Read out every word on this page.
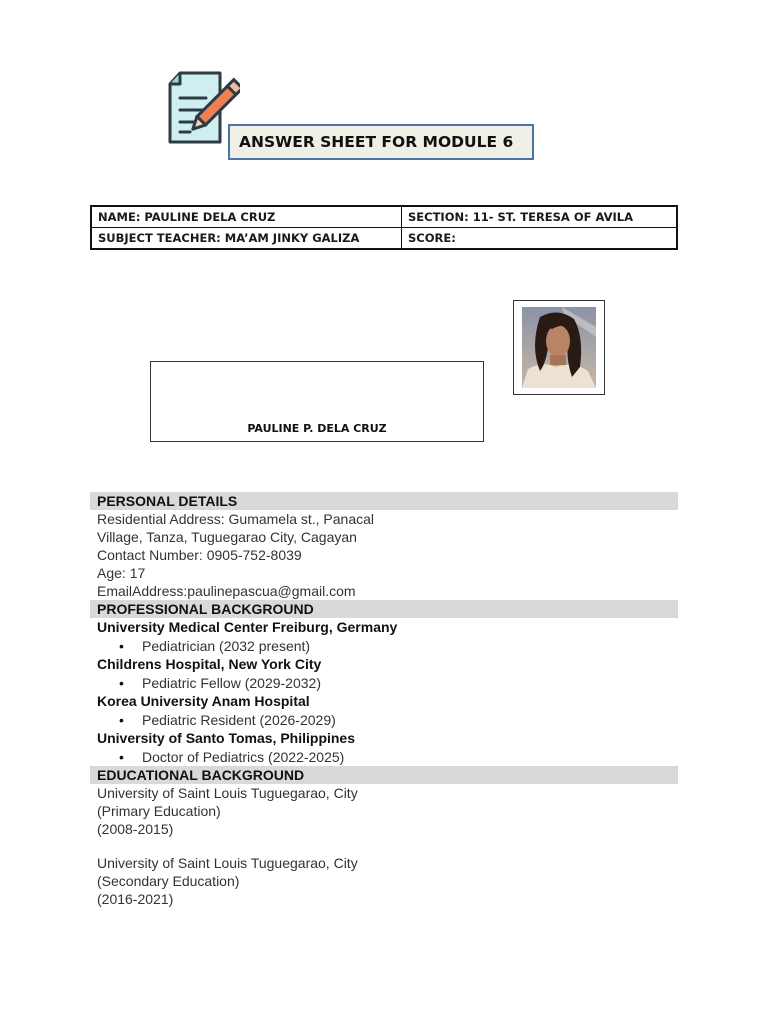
ANSWER SHEET FOR MODULE 6
NAME: PAULINE DELA CRUZ	SECTION: 11- ST. TERESA OF AVILA
SUBJECT TEACHER: MA’AM JINKY GALIZA	SCORE:
PAULINE P. DELA CRUZ
PERSONAL DETAILS
Residential Address: Gumamela st., Panacal
Village, Tanza, Tuguegarao City, Cagayan
Contact Number: 0905-752-8039
Age: 17
EmailAddress:paulinepascua@gmail.com
PROFESSIONAL BACKGROUND
University Medical Center Freiburg, Germany
• Pediatrician (2032 present)
Childrens Hospital, New York City
• Pediatric Fellow (2029-2032)
Korea University Anam Hospital
• Pediatric Resident (2026-2029)
University of Santo Tomas, Philippines
• Doctor of Pediatrics (2022-2025)
EDUCATIONAL BACKGROUND
University of Saint Louis Tuguegarao, City
(Primary Education)
(2008-2015)
University of Saint Louis Tuguegarao, City
(Secondary Education)
(2016-2021)
